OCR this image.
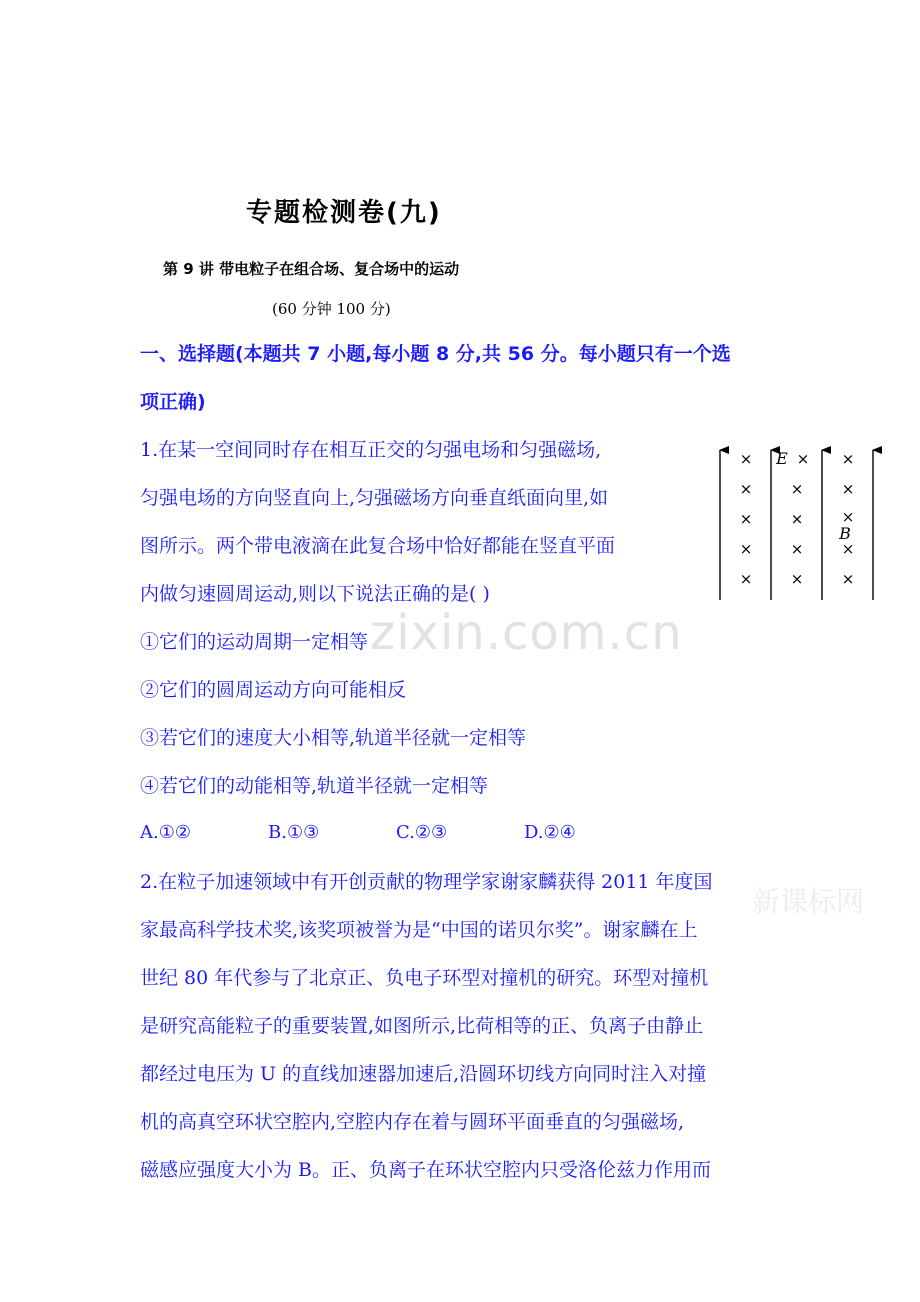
专题检测卷(九)
第 9 讲 带电粒子在组合场、复合场中的运动
(60 分钟 100 分)
一、选择题(本题共 7 小题,每小题 8 分,共 56 分。每小题只有一个选
项正确)
1.在某一空间同时存在相互正交的匀强电场和匀强磁场,
匀强电场的方向竖直向上,匀强磁场方向垂直纸面向里,如
图所示。两个带电液滴在此复合场中恰好都能在竖直平面
内做匀速圆周运动,则以下说法正确的是( )
①它们的运动周期一定相等
②它们的圆周运动方向可能相反
③若它们的速度大小相等,轨道半径就一定相等
④若它们的动能相等,轨道半径就一定相等
A.①②	B.①③	C.②③	D.②④
×
×
×
×
×
×
×
×
×
×
×
×
×
×
×
E
B
zixin.com.cn
新课标网
2.在粒子加速领域中有开创贡献的物理学家谢家麟获得 2011 年度国
家最高科学技术奖,该奖项被誉为是“中国的诺贝尔奖”。谢家麟在上
世纪 80 年代参与了北京正、负电子环型对撞机的研究。环型对撞机
是研究高能粒子的重要装置,如图所示,比荷相等的正、负离子由静止
都经过电压为 U 的直线加速器加速后,沿圆环切线方向同时注入对撞
机的高真空环状空腔内,空腔内存在着与圆环平面垂直的匀强磁场,
磁感应强度大小为 B。正、负离子在环状空腔内只受洛伦兹力作用而
